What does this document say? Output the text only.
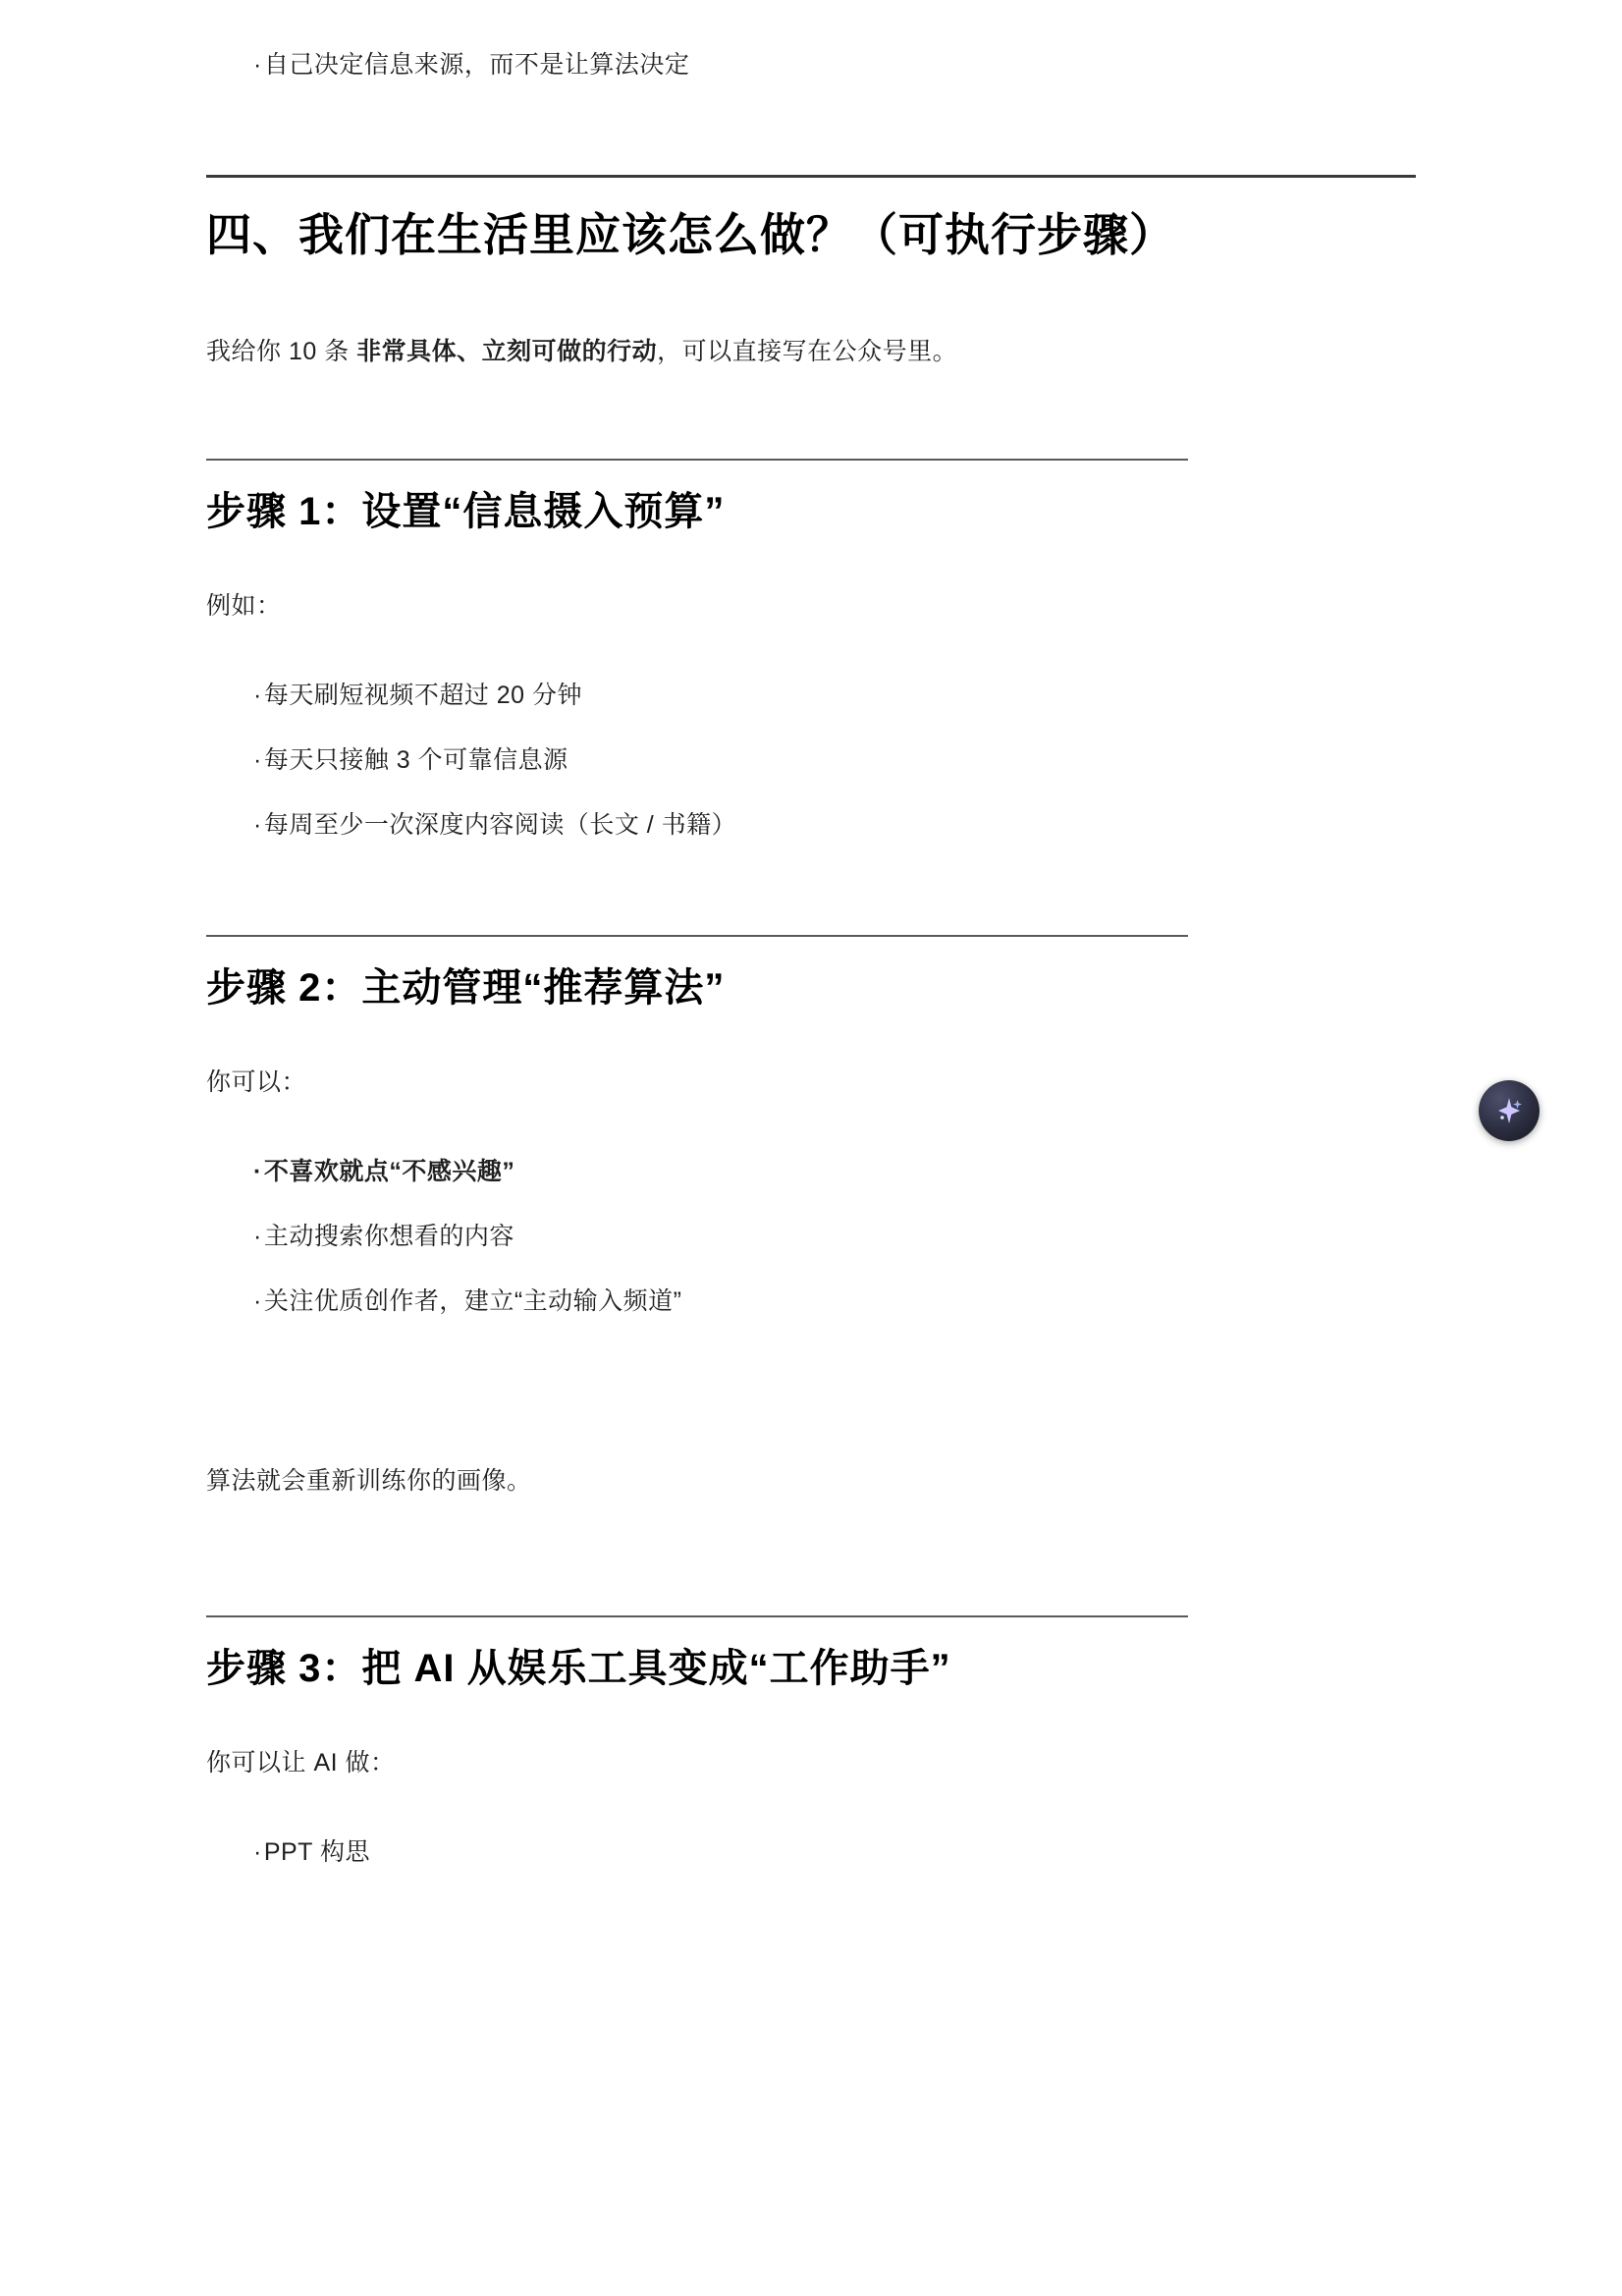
·自己决定信息来源，而不是让算法决定
四、我们在生活里应该怎么做？（可执行步骤）

我给你 10 条 非常具体、立刻可做的行动，可以直接写在公众号里。

步骤 1：设置“信息摄入预算”

例如：

·每天刷短视频不超过 20 分钟
·每天只接触 3 个可靠信息源
·每周至少一次深度内容阅读（长文 / 书籍）
步骤 2：主动管理“推荐算法”

你可以：

·不喜欢就点“不感兴趣”
·主动搜索你想看的内容
·关注优质创作者，建立“主动输入频道”

算法就会重新训练你的画像。

步骤 3：把 AI 从娱乐工具变成“工作助手”

你可以让 AI 做：

·PPT 构思
